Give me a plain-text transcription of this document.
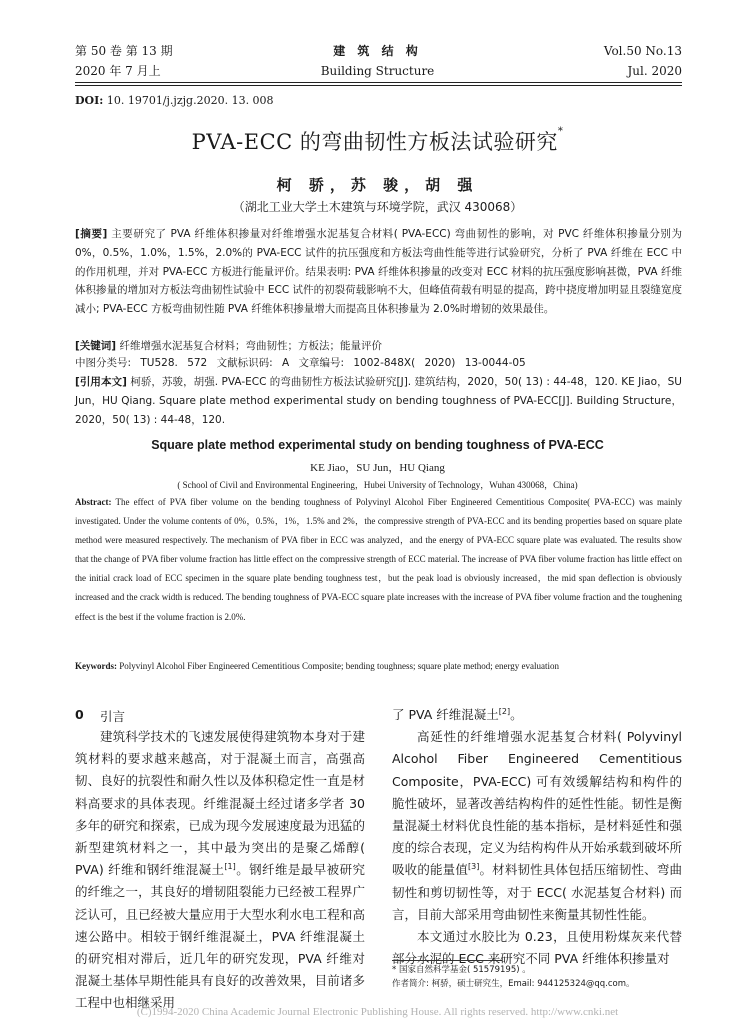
第 50 卷 第 13 期
2020 年 7 月上
建 筑 结 构
Building Structure
Vol.50 No.13
Jul. 2020
DOI: 10. 19701/j.jzjg.2020. 13. 008
PVA-ECC 的弯曲韧性方板法试验研究*
柯 骄，苏 骏，胡 强
（湖北工业大学土木建筑与环境学院，武汉 430068）
[摘要] 主要研究了 PVA 纤维体积掺量对纤维增强水泥基复合材料( PVA-ECC) 弯曲韧性的影响，对 PVC 纤维体积掺量分别为 0%，0.5%，1.0%，1.5%，2.0%的 PVA-ECC 试件的抗压强度和方板法弯曲性能等进行试验研究，分析了 PVA 纤维在 ECC 中的作用机理，并对 PVA-ECC 方板进行能量评价。结果表明: PVA 纤维体积掺量的改变对 ECC 材料的抗压强度影响甚微，PVA 纤维体积掺量的增加对方板法弯曲韧性试验中 ECC 试件的初裂荷载影响不大，但峰值荷载有明显的提高，跨中挠度增加明显且裂缝宽度减小; PVA-ECC 方板弯曲韧性随 PVA 纤维体积掺量增大而提高且体积掺量为 2.0%时增韧的效果最佳。
[关键词] 纤维增强水泥基复合材料；弯曲韧性；方板法；能量评价
中图分类号: TU528. 572 文献标识码: A 文章编号: 1002-848X( 2020) 13-0044-05
[引用本文] 柯骄，苏骏，胡强. PVA-ECC 的弯曲韧性方板法试验研究[J]. 建筑结构，2020，50( 13) : 44-48，120. KE Jiao，SU Jun，HU Qiang. Square plate method experimental study on bending toughness of PVA-ECC[J]. Building Structure，2020，50( 13) : 44-48，120.
Square plate method experimental study on bending toughness of PVA-ECC
KE Jiao，SU Jun，HU Qiang
( School of Civil and Environmental Engineering，Hubei University of Technology，Wuhan 430068，China)
Abstract: The effect of PVA fiber volume on the bending toughness of Polyvinyl Alcohol Fiber Engineered Cementitious Composite( PVA-ECC) was mainly investigated. Under the volume contents of 0%，0.5%，1%，1.5% and 2%，the compressive strength of PVA-ECC and its bending properties based on square plate method were measured respectively. The mechanism of PVA fiber in ECC was analyzed，and the energy of PVA-ECC square plate was evaluated. The results show that the change of PVA fiber volume fraction has little effect on the compressive strength of ECC material. The increase of PVA fiber volume fraction has little effect on the initial crack load of ECC specimen in the square plate bending toughness test，but the peak load is obviously increased，the mid span deflection is obviously increased and the crack width is reduced. The bending toughness of PVA-ECC square plate increases with the increase of PVA fiber volume fraction and the toughening effect is the best if the volume fraction is 2.0%.
Keywords: Polyvinyl Alcohol Fiber Engineered Cementitious Composite; bending toughness; square plate method; energy evaluation
0 引言

建筑科学技术的飞速发展使得建筑物本身对于建筑材料的要求越来越高，对于混凝土而言，高强高韧、良好的抗裂性和耐久性以及体积稳定性一直是材料高要求的具体表现。纤维混凝土经过诸多学者 30 多年的研究和探索，已成为现今发展速度最为迅猛的新型建筑材料之一，其中最为突出的是聚乙烯醇( PVA) 纤维和钢纤维混凝土[1]。钢纤维是最早被研究的纤维之一，其良好的增韧阻裂能力已经被工程界广泛认可，且已经被大量应用于大型水利水电工程和高速公路中。相较于钢纤维混凝土，PVA 纤维混凝土的研究相对滞后，近几年的研究发现，PVA 纤维对混凝土基体早期性能具有良好的改善效果，目前诸多工程中也相继采用

了 PVA 纤维混凝土[2]。

高延性的纤维增强水泥基复合材料( Polyvinyl Alcohol Fiber Engineered Cementitious Composite，PVA-ECC) 可有效缓解结构和构件的脆性破坏，显著改善结构构件的延性性能。韧性是衡量混凝土材料优良性能的基本指标，是材料延性和强度的综合表现，定义为结构构件从开始承载到破坏所吸收的能量值[3]。材料韧性具体包括压缩韧性、弯曲韧性和剪切韧性等，对于 ECC( 水泥基复合材料) 而言，目前大部采用弯曲韧性来衡量其韧性性能。

本文通过水胶比为 0.23，且使用粉煤灰来代替部分水泥的 ECC 来研究不同 PVA 纤维体积掺量对

* 国家自然科学基金( 51579195) 。
作者简介: 柯骄，硕士研究生，Email: 944125324@qq.com。
(C)1994-2020 China Academic Journal Electronic Publishing House. All rights reserved. http://www.cnki.net
